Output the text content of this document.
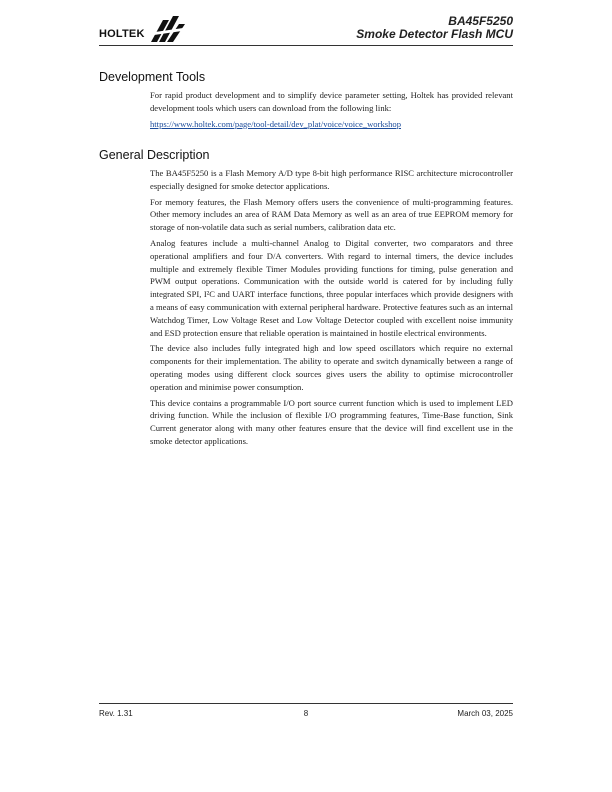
HOLTEK
BA45F5250
Smoke Detector Flash MCU
Development Tools

For rapid product development and to simplify device parameter setting, Holtek has provided relevant development tools which users can download from the following link:

https://www.holtek.com/page/tool-detail/dev_plat/voice/voice_workshop

General Description

The BA45F5250 is a Flash Memory A/D type 8-bit high performance RISC architecture microcontroller especially designed for smoke detector applications.

For memory features, the Flash Memory offers users the convenience of multi-programming features. Other memory includes an area of RAM Data Memory as well as an area of true EEPROM memory for storage of non-volatile data such as serial numbers, calibration data etc.

Analog features include a multi-channel Analog to Digital converter, two comparators and three operational amplifiers and four D/A converters. With regard to internal timers, the device includes multiple and extremely flexible Timer Modules providing functions for timing, pulse generation and PWM output operations. Communication with the outside world is catered for by including fully integrated SPI, I²C and UART interface functions, three popular interfaces which provide designers with a means of easy communication with external peripheral hardware. Protective features such as an internal Watchdog Timer, Low Voltage Reset and Low Voltage Detector coupled with excellent noise immunity and ESD protection ensure that reliable operation is maintained in hostile electrical environments.

The device also includes fully integrated high and low speed oscillators which require no external components for their implementation. The ability to operate and switch dynamically between a range of operating modes using different clock sources gives users the ability to optimise microcontroller operation and minimise power consumption.

This device contains a programmable I/O port source current function which is used to implement LED driving function. While the inclusion of flexible I/O programming features, Time-Base function, Sink Current generator along with many other features ensure that the device will find excellent use in the smoke detector applications.

Rev. 1.31	8	March 03, 2025
